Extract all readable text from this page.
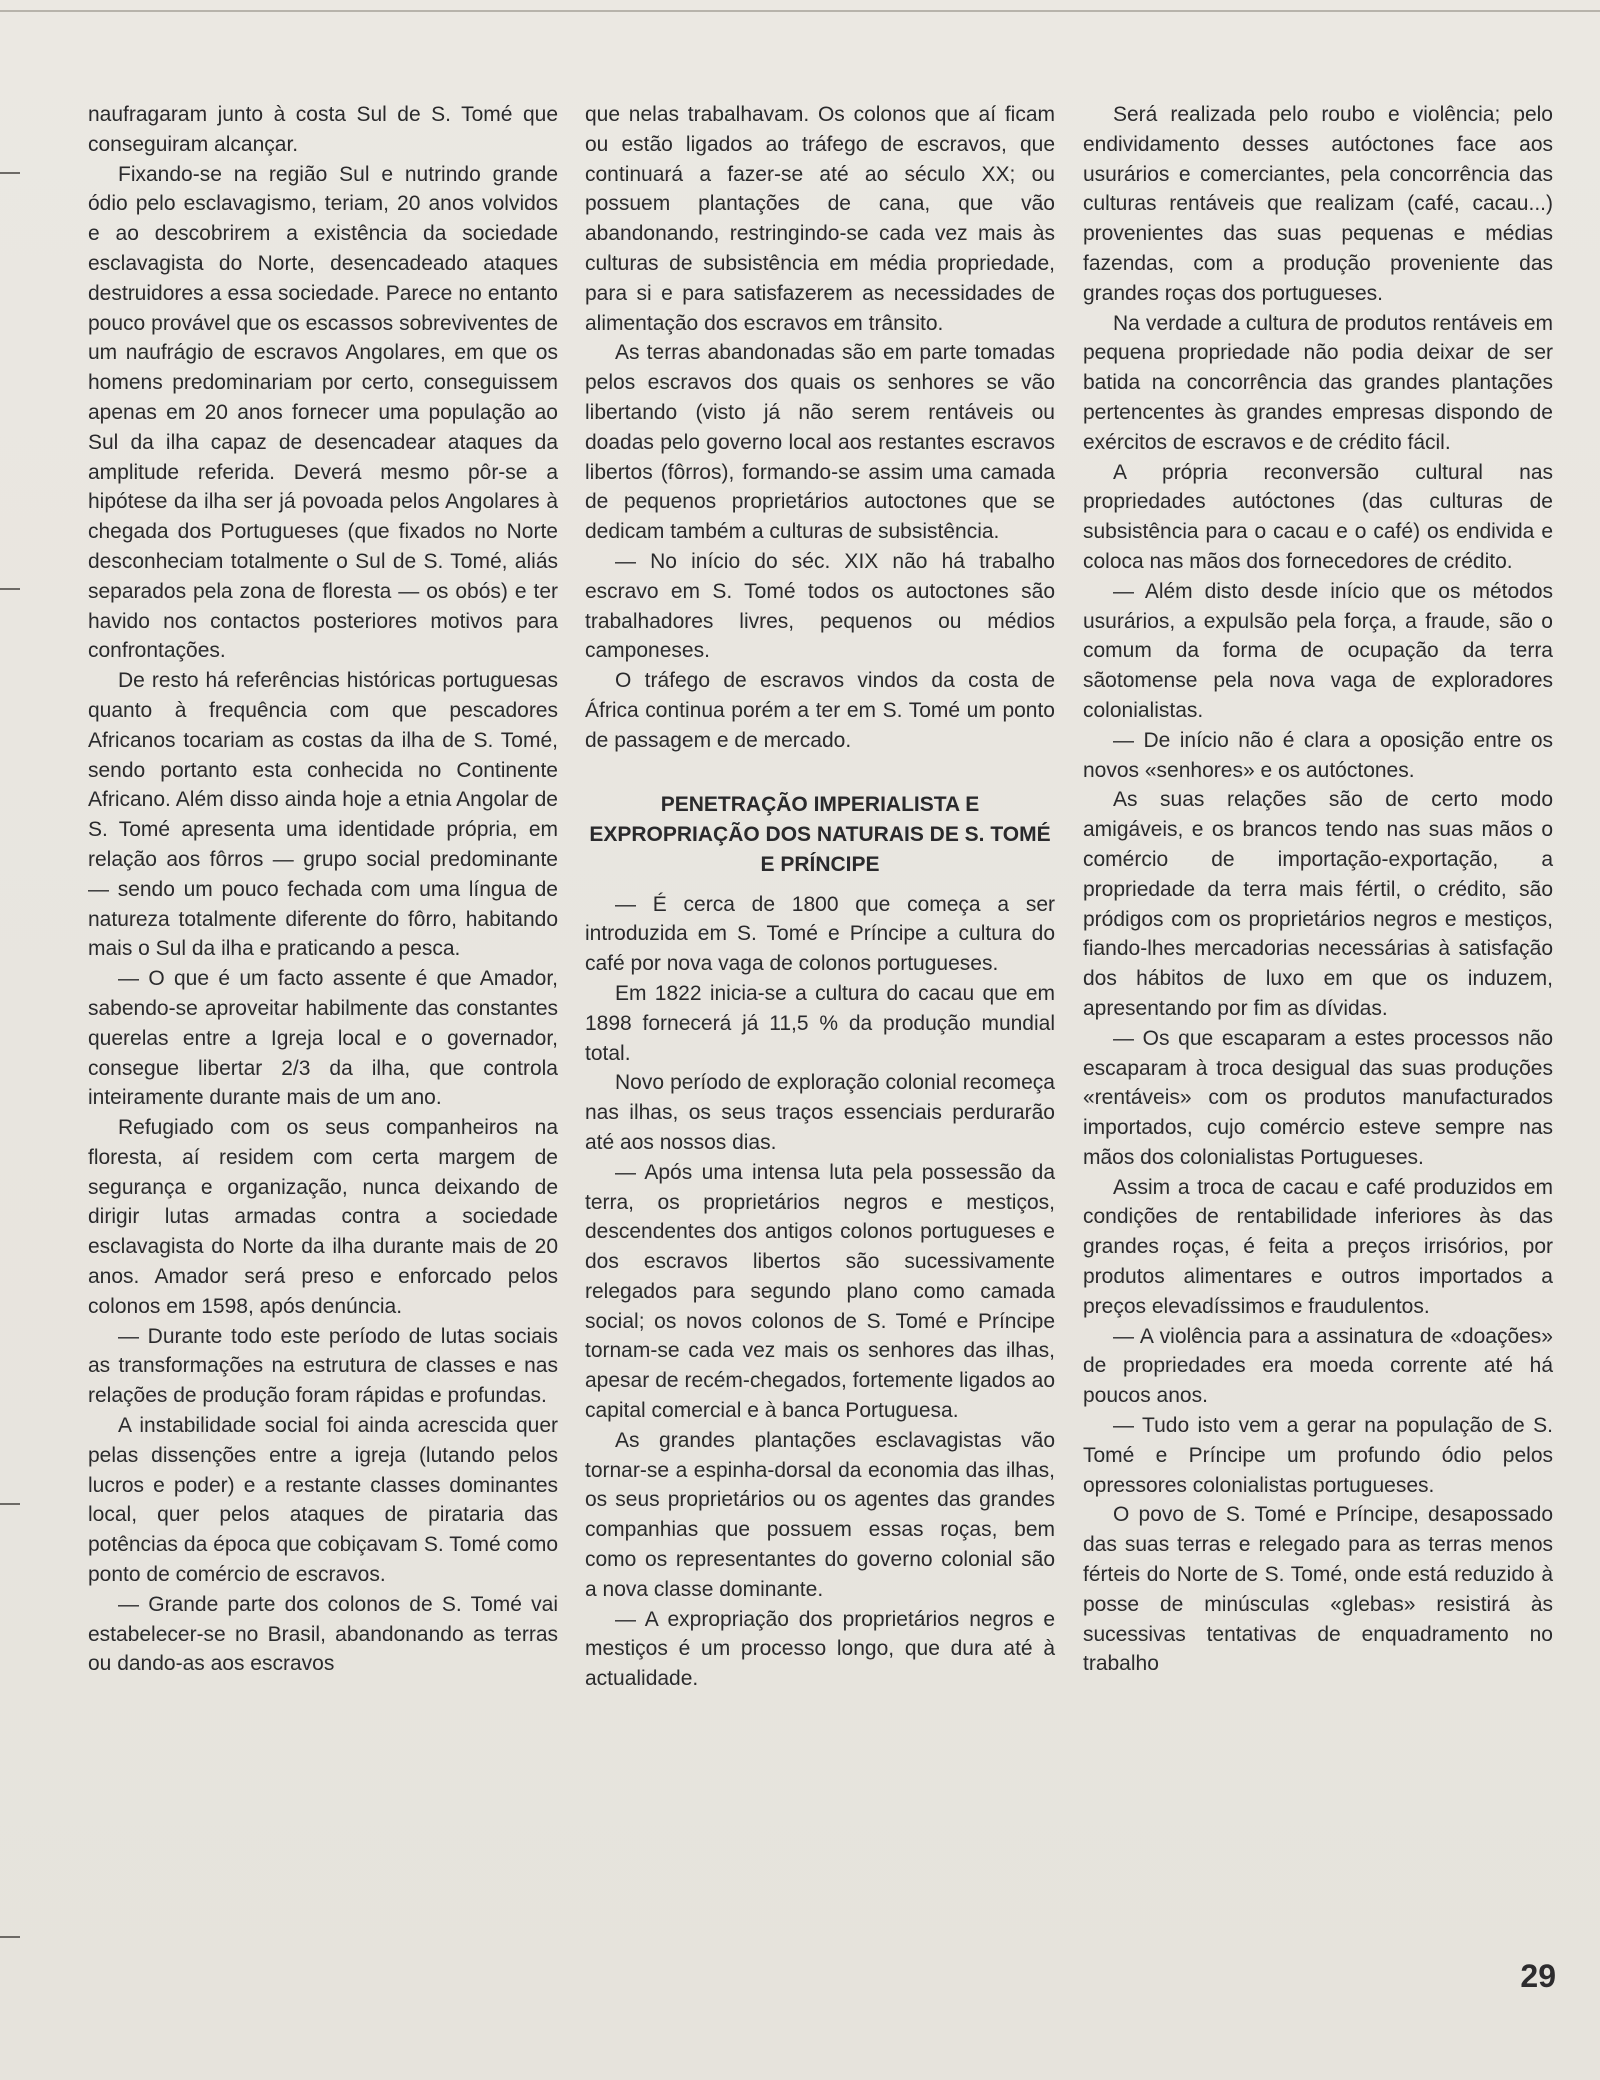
naufragaram junto à costa Sul de S. Tomé que conseguiram alcançar.

Fixando-se na região Sul e nutrindo grande ódio pelo esclavagismo, teriam, 20 anos volvidos e ao descobrirem a existência da sociedade esclavagista do Norte, desencadeado ataques destruidores a essa sociedade. Parece no entanto pouco provável que os escassos sobreviventes de um naufrágio de escravos Angolares, em que os homens predominariam por certo, conseguissem apenas em 20 anos fornecer uma população ao Sul da ilha capaz de desencadear ataques da amplitude referida. Deverá mesmo pôr-se a hipótese da ilha ser já povoada pelos Angolares à chegada dos Portugueses (que fixados no Norte desconheciam totalmente o Sul de S. Tomé, aliás separados pela zona de floresta — os obós) e ter havido nos contactos posteriores motivos para confrontações.

De resto há referências históricas portuguesas quanto à frequência com que pescadores Africanos tocariam as costas da ilha de S. Tomé, sendo portanto esta conhecida no Continente Africano. Além disso ainda hoje a etnia Angolar de S. Tomé apresenta uma identidade própria, em relação aos fôrros — grupo social predominante — sendo um pouco fechada com uma língua de natureza totalmente diferente do fôrro, habitando mais o Sul da ilha e praticando a pesca.

— O que é um facto assente é que Amador, sabendo-se aproveitar habilmente das constantes querelas entre a Igreja local e o governador, consegue libertar 2/3 da ilha, que controla inteiramente durante mais de um ano.

Refugiado com os seus companheiros na floresta, aí residem com certa margem de segurança e organização, nunca deixando de dirigir lutas armadas contra a sociedade esclavagista do Norte da ilha durante mais de 20 anos. Amador será preso e enforcado pelos colonos em 1598, após denúncia.

— Durante todo este período de lutas sociais as transformações na estrutura de classes e nas relações de produção foram rápidas e profundas.

A instabilidade social foi ainda acrescida quer pelas dissenções entre a igreja (lutando pelos lucros e poder) e a restante classes dominantes local, quer pelos ataques de pirataria das potências da época que cobiçavam S. Tomé como ponto de comércio de escravos.

— Grande parte dos colonos de S. Tomé vai estabelecer-se no Brasil, abandonando as terras ou dando-as aos escravos

que nelas trabalhavam. Os colonos que aí ficam ou estão ligados ao tráfego de escravos, que continuará a fazer-se até ao século XX; ou possuem plantações de cana, que vão abandonando, restringindo-se cada vez mais às culturas de subsistência em média propriedade, para si e para satisfazerem as necessidades de alimentação dos escravos em trânsito.

As terras abandonadas são em parte tomadas pelos escravos dos quais os senhores se vão libertando (visto já não serem rentáveis ou doadas pelo governo local aos restantes escravos libertos (fôrros), formando-se assim uma camada de pequenos proprietários autoctones que se dedicam também a culturas de subsistência.

— No início do séc. XIX não há trabalho escravo em S. Tomé todos os autoctones são trabalhadores livres, pequenos ou médios camponeses.

O tráfego de escravos vindos da costa de África continua porém a ter em S. Tomé um ponto de passagem e de mercado.

PENETRAÇÃO IMPERIALISTA E EXPROPRIAÇÃO DOS NATURAIS DE S. TOMÉ E PRÍNCIPE

— É cerca de 1800 que começa a ser introduzida em S. Tomé e Príncipe a cultura do café por nova vaga de colonos portugueses.

Em 1822 inicia-se a cultura do cacau que em 1898 fornecerá já 11,5 % da produção mundial total.

Novo período de exploração colonial recomeça nas ilhas, os seus traços essenciais perdurarão até aos nossos dias.

— Após uma intensa luta pela possessão da terra, os proprietários negros e mestiços, descendentes dos antigos colonos portugueses e dos escravos libertos são sucessivamente relegados para segundo plano como camada social; os novos colonos de S. Tomé e Príncipe tornam-se cada vez mais os senhores das ilhas, apesar de recém-chegados, fortemente ligados ao capital comercial e à banca Portuguesa.

As grandes plantações esclavagistas vão tornar-se a espinha-dorsal da economia das ilhas, os seus proprietários ou os agentes das grandes companhias que possuem essas roças, bem como os representantes do governo colonial são a nova classe dominante.

— A expropriação dos proprietários negros e mestiços é um processo longo, que dura até à actualidade.

Será realizada pelo roubo e violência; pelo endividamento desses autóctones face aos usurários e comerciantes, pela concorrência das culturas rentáveis que realizam (café, cacau...) provenientes das suas pequenas e médias fazendas, com a produção proveniente das grandes roças dos portugueses.

Na verdade a cultura de produtos rentáveis em pequena propriedade não podia deixar de ser batida na concorrência das grandes plantações pertencentes às grandes empresas dispondo de exércitos de escravos e de crédito fácil.

A própria reconversão cultural nas propriedades autóctones (das culturas de subsistência para o cacau e o café) os endivida e coloca nas mãos dos fornecedores de crédito.

— Além disto desde início que os métodos usurários, a expulsão pela força, a fraude, são o comum da forma de ocupação da terra sãotomense pela nova vaga de exploradores colonialistas.

— De início não é clara a oposição entre os novos «senhores» e os autóctones.

As suas relações são de certo modo amigáveis, e os brancos tendo nas suas mãos o comércio de importação-exportação, a propriedade da terra mais fértil, o crédito, são pródigos com os proprietários negros e mestiços, fiando-lhes mercadorias necessárias à satisfação dos hábitos de luxo em que os induzem, apresentando por fim as dívidas.

— Os que escaparam a estes processos não escaparam à troca desigual das suas produções «rentáveis» com os produtos manufacturados importados, cujo comércio esteve sempre nas mãos dos colonialistas Portugueses.

Assim a troca de cacau e café produzidos em condições de rentabilidade inferiores às das grandes roças, é feita a preços irrisórios, por produtos alimentares e outros importados a preços elevadíssimos e fraudulentos.

— A violência para a assinatura de «doações» de propriedades era moeda corrente até há poucos anos.

— Tudo isto vem a gerar na população de S. Tomé e Príncipe um profundo ódio pelos opressores colonialistas portugueses.

O povo de S. Tomé e Príncipe, desapossado das suas terras e relegado para as terras menos férteis do Norte de S. Tomé, onde está reduzido à posse de minúsculas «glebas» resistirá às sucessivas tentativas de enquadramento no trabalho

29
